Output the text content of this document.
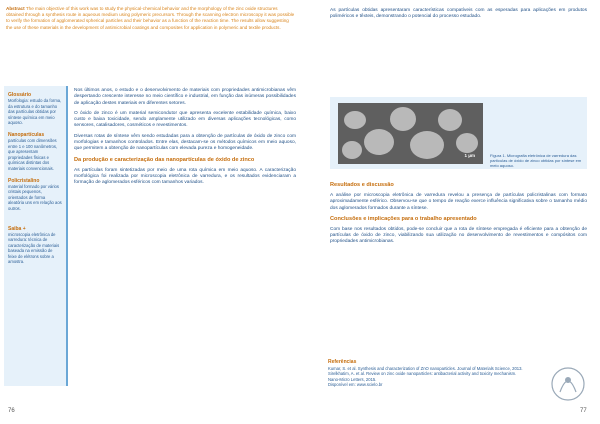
Abstract The main objective of this work was to study the physical-chemical behavior and the morphology of the zinc oxide structures obtained through a synthesis route in aqueous medium using polymeric precursors. Through the scanning electron microscopy it was possible to verify the formation of agglomerated spherical particles and their behavior as a function of the reaction time. The results allow suggesting the use of these materials in the development of antimicrobial coatings and composites for application in polymeric and textile products.
Glossário
Morfologia: estudo da forma, da estrutura e do tamanho das partículas obtidas por síntese química em meio aquoso.
Nanopartículas
partículas com dimensões entre 1 e 100 nanômetros, que apresentam propriedades físicas e químicas distintas dos materiais convencionais.
Policristalino
material formado por vários cristais pequenos, orientados de forma aleatória uns em relação aos outros.
Saiba +
microscopia eletrônica de varredura: técnica de caracterização de materiais baseada na emissão de feixe de elétrons sobre a amostra.

Nos últimos anos, o estudo e o desenvolvimento de materiais com propriedades antimicrobianas vêm despertando crescente interesse no meio científico e industrial, em função das inúmeras possibilidades de aplicação destes materiais em diferentes setores.

O óxido de zinco é um material semicondutor que apresenta excelente estabilidade química, baixo custo e baixa toxicidade, sendo amplamente utilizado em diversas aplicações tecnológicas, como sensores, catalisadores, cosméticos e revestimentos.

Diversas rotas de síntese vêm sendo estudadas para a obtenção de partículas de óxido de zinco com morfologias e tamanhos controlados. Entre elas, destacam-se os métodos químicos em meio aquoso, que permitem a obtenção de nanopartículas com elevada pureza e homogeneidade.

Da produção e caracterização das nanopartículas de óxido de zinco

As partículas foram sintetizadas por meio de uma rota química em meio aquoso. A caracterização morfológica foi realizada por microscopia eletrônica de varredura, e os resultados evidenciaram a formação de aglomerados esféricos com tamanhos variados.

As partículas obtidas apresentaram características compatíveis com as esperadas para aplicações em produtos poliméricos e têxteis, demonstrando o potencial do processo estudado.

1 μm	Figura 1. Micrografia eletrônica de varredura das partículas de óxido de zinco obtidas por síntese em meio aquoso.
Resultados e discussão

A análise por microscopia eletrônica de varredura revelou a presença de partículas policristalinas com formato aproximadamente esférico. Observou-se que o tempo de reação exerce influência significativa sobre o tamanho médio dos aglomerados formados durante a síntese.

Conclusões e implicações para o trabalho apresentado

Com base nos resultados obtidos, pode-se concluir que a rota de síntese empregada é eficiente para a obtenção de partículas de óxido de zinco, viabilizando sua utilização no desenvolvimento de revestimentos e compósitos com propriedades antimicrobianas.

Referências
Kumar, S. et al. Synthesis and characterization of ZnO nanoparticles. Journal of Materials Science, 2013.
Sirelkhatim, A. et al. Review on zinc oxide nanoparticles: antibacterial activity and toxicity mechanism. Nano-Micro Letters, 2015.
Disponível em: www.scielo.br
76	77
